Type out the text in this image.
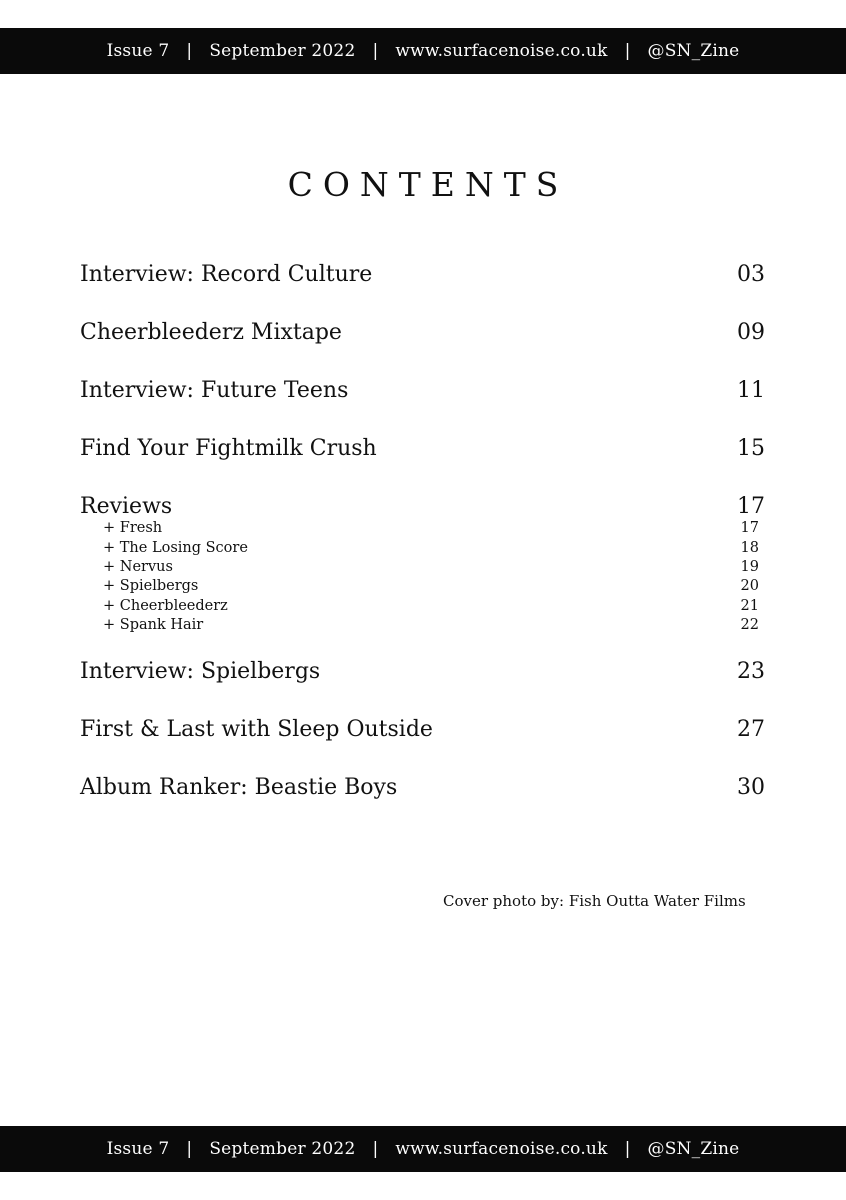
Issue 7 | September 2022 | www.surfacenoise.co.uk | @SN_Zine
CONTENTS
Interview: Record Culture	03
Cheerbleederz Mixtape	09
Interview: Future Teens	11
Find Your Fightmilk Crush	15
Reviews	17
+ Fresh	17
+ The Losing Score	18
+ Nervus	19
+ Spielbergs	20
+ Cheerbleederz	21
+ Spank Hair	22
Interview: Spielbergs	23
First & Last with Sleep Outside	27
Album Ranker: Beastie Boys	30
Cover photo by: Fish Outta Water Films
Issue 7 | September 2022 | www.surfacenoise.co.uk | @SN_Zine
